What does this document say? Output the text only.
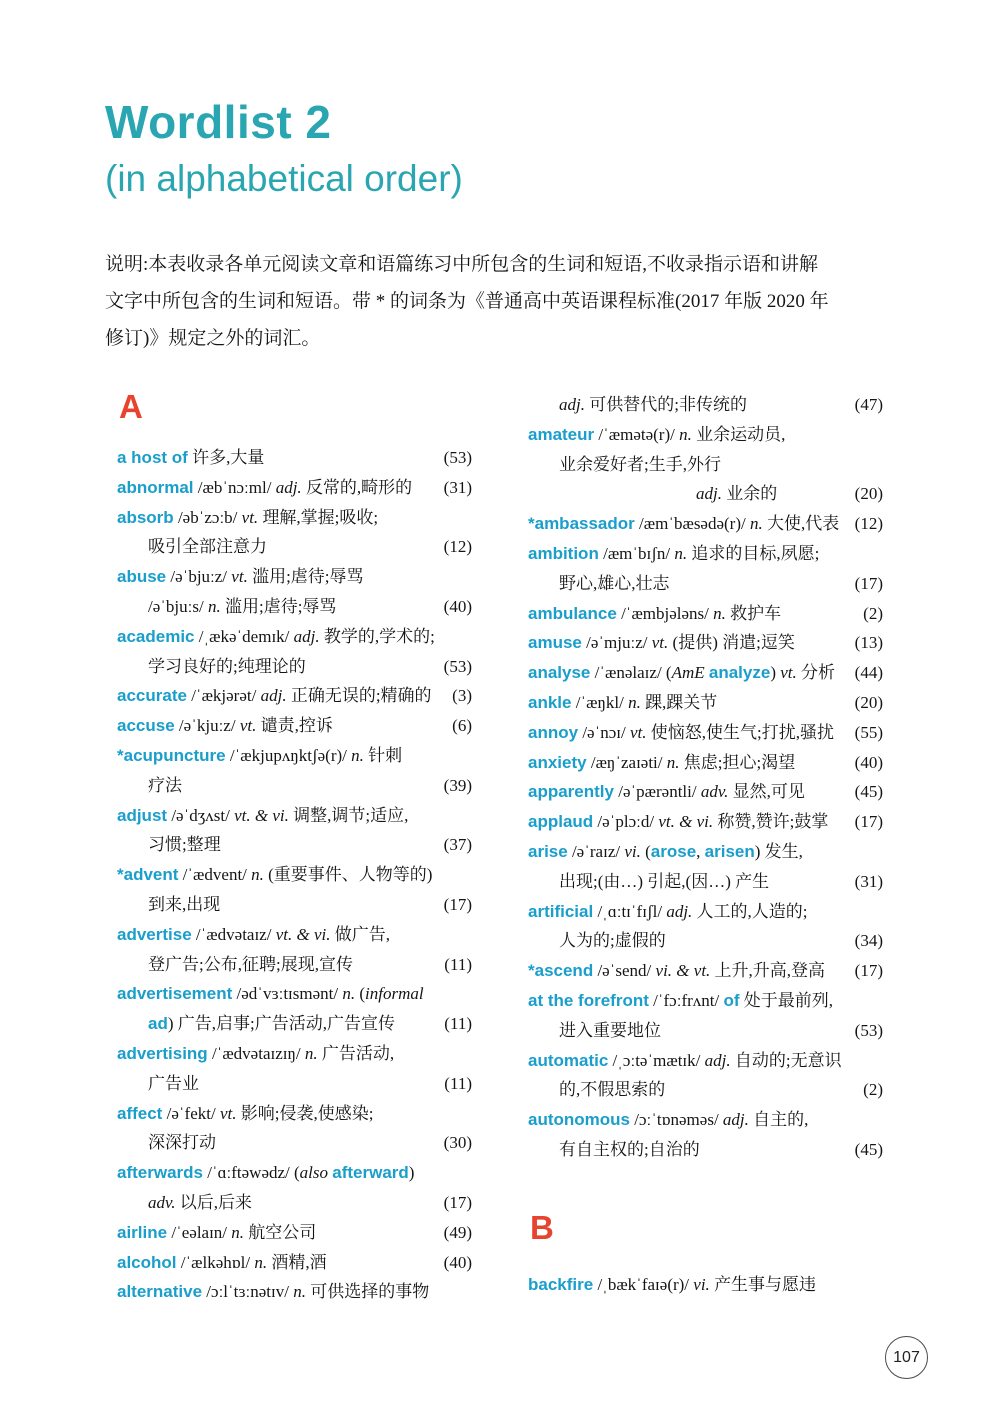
Wordlist 2
(in alphabetical order)
说明:本表收录各单元阅读文章和语篇练习中所包含的生词和短语,不收录指示语和讲解
文字中所包含的生词和短语。带 * 的词条为《普通高中英语课程标准(2017 年版 2020 年
修订)》规定之外的词汇。
A
a host of 许多,大量	(53)
abnormal /æbˈnɔːml/ adj. 反常的,畸形的 (31)
absorb /əbˈzɔːb/ vt. 理解,掌握;吸收;
吸引全部注意力	(12)
abuse /əˈbjuːz/ vt. 滥用;虐待;辱骂
/əˈbjuːs/ n. 滥用;虐待;辱骂	(40)
academic /ˌækəˈdemɪk/ adj. 教学的,学术的;
学习良好的;纯理论的	(53)
accurate /ˈækjərət/ adj. 正确无误的;精确的 (3)
accuse /əˈkjuːz/ vt. 谴责,控诉	(6)
*acupuncture /ˈækjupʌŋktʃə(r)/ n. 针刺
疗法	(39)
adjust /əˈdʒʌst/ vt. & vi. 调整,调节;适应,
习惯;整理	(37)
*advent /ˈædvent/ n. (重要事件、人物等的)
到来,出现	(17)
advertise /ˈædvətaɪz/ vt. & vi. 做广告,
登广告;公布,征聘;展现,宣传	(11)
advertisement /ədˈvɜːtɪsmənt/ n. (informal
ad) 广告,启事;广告活动,广告宣传	(11)
advertising /ˈædvətaɪzɪŋ/ n. 广告活动,
广告业	(11)
affect /əˈfekt/ vt. 影响;侵袭,使感染;
深深打动	(30)
afterwards /ˈɑːftəwədz/ (also afterward)
adv. 以后,后来	(17)
airline /ˈeəlaɪn/ n. 航空公司	(49)
alcohol /ˈælkəhɒl/ n. 酒精,酒	(40)
alternative /ɔːlˈtɜːnətɪv/ n. 可供选择的事物
adj. 可供替代的;非传统的	(47)
amateur /ˈæmətə(r)/ n. 业余运动员,
业余爱好者;生手,外行
adj. 业余的	(20)
*ambassador /æmˈbæsədə(r)/ n. 大使,代表 (12)
ambition /æmˈbɪʃn/ n. 追求的目标,夙愿;
野心,雄心,壮志	(17)
ambulance /ˈæmbjələns/ n. 救护车	(2)
amuse /əˈmjuːz/ vt. (提供) 消遣;逗笑	(13)
analyse /ˈænəlaɪz/ (AmE analyze) vt. 分析 (44)
ankle /ˈæŋkl/ n. 踝,踝关节	(20)
annoy /əˈnɔɪ/ vt. 使恼怒,使生气;打扰,骚扰 (55)
anxiety /æŋˈzaɪəti/ n. 焦虑;担心;渴望	(40)
apparently /əˈpærəntli/ adv. 显然,可见	(45)
applaud /əˈplɔːd/ vt. & vi. 称赞,赞许;鼓掌 (17)
arise /əˈraɪz/ vi. (arose, arisen) 发生,
出现;(由…) 引起,(因…) 产生	(31)
artificial /ˌɑːtɪˈfɪʃl/ adj. 人工的,人造的;
人为的;虚假的	(34)
*ascend /əˈsend/ vi. & vt. 上升,升高,登高 (17)
at the forefront /ˈfɔːfrʌnt/ of 处于最前列,
进入重要地位	(53)
automatic /ˌɔːtəˈmætɪk/ adj. 自动的;无意识
的,不假思索的	(2)
autonomous /ɔːˈtɒnəməs/ adj. 自主的,
有自主权的;自治的	(45)
B
backfire /ˌbækˈfaɪə(r)/ vi. 产生事与愿违
107
